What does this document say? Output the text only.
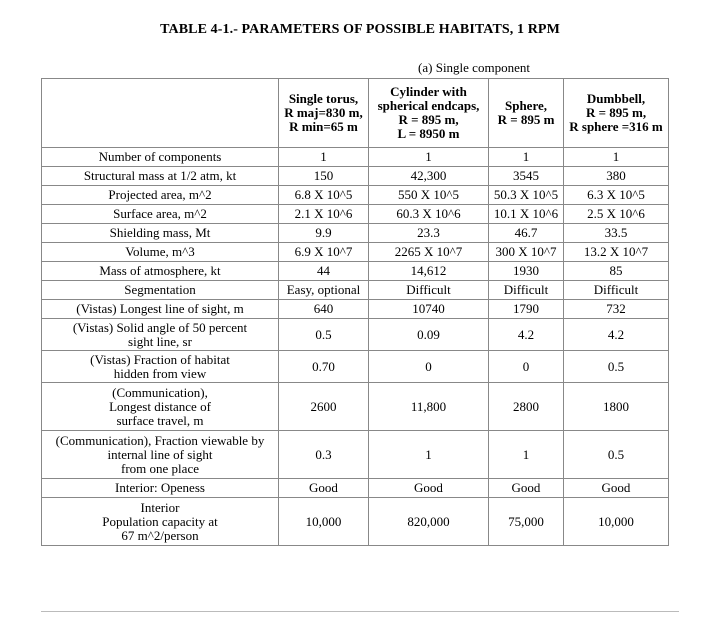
TABLE 4-1.- PARAMETERS OF POSSIBLE HABITATS, 1 RPM
(a) Single component
	Single torus,
R maj=830 m,
R min=65 m	Cylinder with
spherical endcaps,
R = 895 m,
L = 8950 m	Sphere,
R = 895 m	Dumbbell,
R = 895 m,
R sphere =316 m
Number of components	1	1	1	1
Structural mass at 1/2 atm, kt	150	42,300	3545	380
Projected area, m^2	6.8 X 10^5	550 X 10^5	50.3 X 10^5	6.3 X 10^5
Surface area, m^2	2.1 X 10^6	60.3 X 10^6	10.1 X 10^6	2.5 X 10^6
Shielding mass, Mt	9.9	23.3	46.7	33.5
Volume, m^3	6.9 X 10^7	2265 X 10^7	300 X 10^7	13.2 X 10^7
Mass of atmosphere, kt	44	14,612	1930	85
Segmentation	Easy, optional	Difficult	Difficult	Difficult
(Vistas) Longest line of sight, m	640	10740	1790	732
(Vistas) Solid angle of 50 percent
sight line, sr	0.5	0.09	4.2	4.2
(Vistas) Fraction of habitat
hidden from view	0.70	0	0	0.5
(Communication),
Longest distance of
surface travel, m	2600	11,800	2800	1800
(Communication), Fraction viewable by
internal line of sight
from one place	0.3	1	1	0.5
Interior: Openess	Good	Good	Good	Good
Interior
Population capacity at
67 m^2/person	10,000	820,000	75,000	10,000
